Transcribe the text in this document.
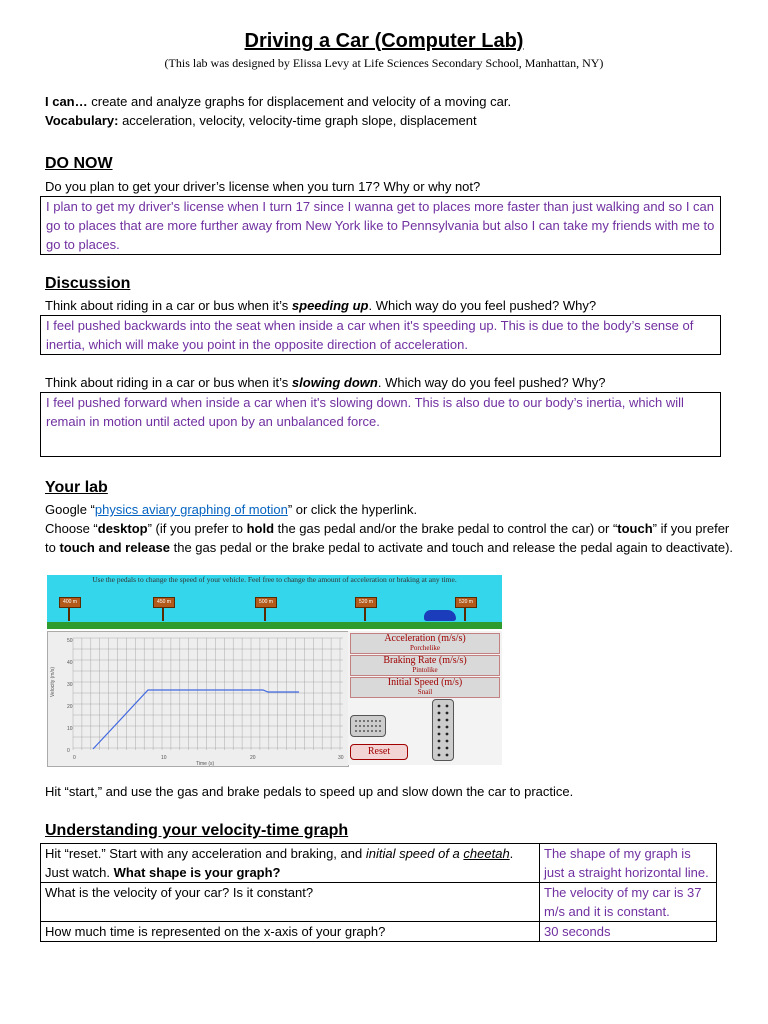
Driving a Car (Computer Lab)
(This lab was designed by Elissa Levy at Life Sciences Secondary School, Manhattan, NY)
I can… create and analyze graphs for displacement and velocity of a moving car.
Vocabulary: acceleration, velocity, velocity-time graph slope, displacement
DO NOW
Do you plan to get your driver’s license when you turn 17? Why or why not?
I plan to get my driver's license when I turn 17 since I wanna get to places more faster than just walking and so I can go to places that are more further away from New York like to Pennsylvania but also I can take my friends with me to go to places.
Discussion
Think about riding in a car or bus when it’s speeding up. Which way do you feel pushed? Why?
I feel pushed backwards into the seat when inside a car when it's speeding up. This is due to the body’s sense of inertia, which will make you point in the opposite direction of acceleration.
Think about riding in a car or bus when it’s slowing down. Which way do you feel pushed? Why?
I feel pushed forward when inside a car when it's slowing down. This is also due to our body’s inertia, which will remain in motion until acted upon by an unbalanced force.
Your lab
Google “physics aviary graphing of motion” or click the hyperlink.
Choose “desktop” (if you prefer to hold the gas pedal and/or the brake pedal to control the car) or “touch” if you prefer to touch and release the gas pedal or the brake pedal to activate and touch and release the pedal again to deactivate).
Use the pedals to change the speed of your vehicle. Feel free to change the amount of acceleration or braking at any time.
400 m	450 m	500 m	520 m	520 m
50
40
30
20
10
0
0	10	20	30
Time (s)
Velocity (m/s)
Acceleration (m/s/s)
Porchelike
Braking Rate (m/s/s)
Pintolike
Initial Speed (m/s)
Snail
Reset
Hit “start,” and use the gas and brake pedals to speed up and slow down the car to practice.
Understanding your velocity-time graph
Hit “reset.” Start with any acceleration and braking, and initial speed of a cheetah. Just watch. What shape is your graph?	The shape of my graph is just a straight horizontal line.
What is the velocity of your car? Is it constant?	The velocity of my car is 37 m/s and it is constant.
How much time is represented on the x-axis of your graph?	30 seconds
